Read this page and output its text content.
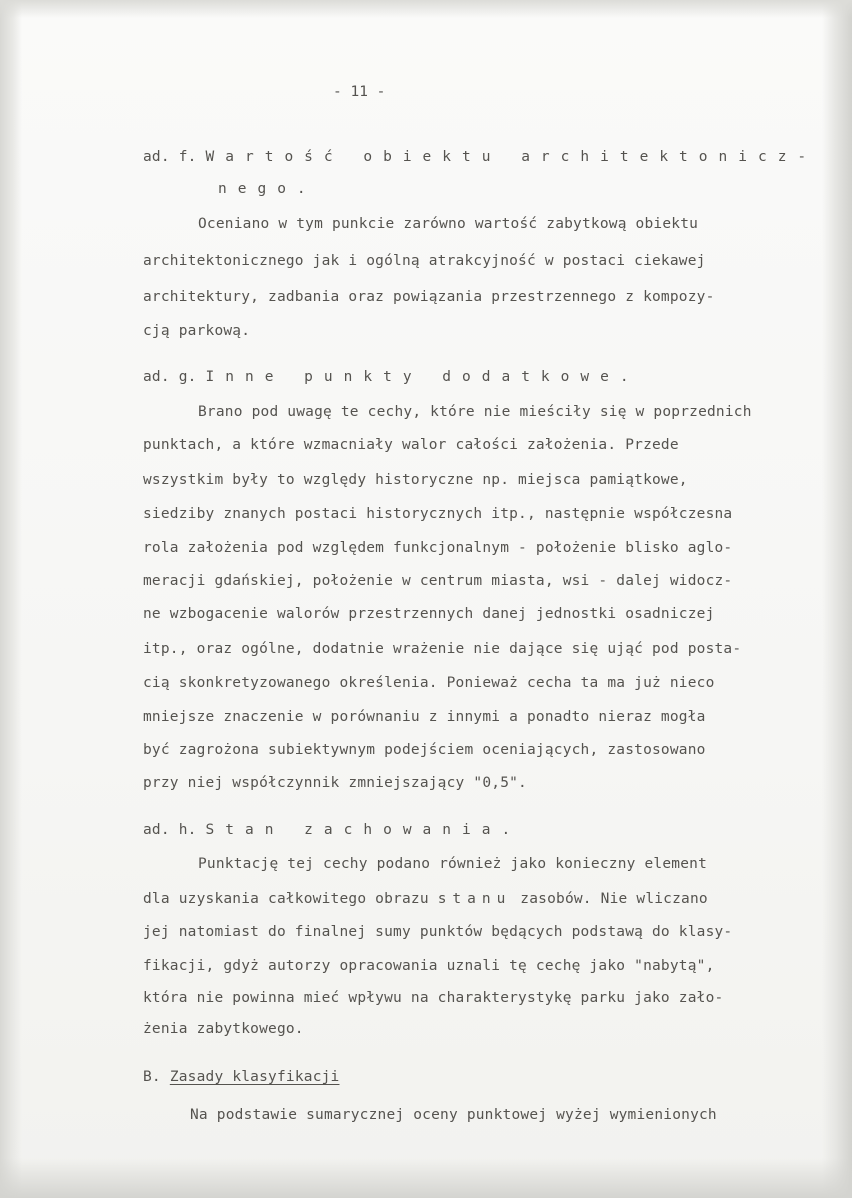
- 11 -

ad. f. Wartość obiektu architektonicz-

nego.

Oceniano w tym punkcie zarówno wartość zabytkową obiektu

architektonicznego jak i ogólną atrakcyjność w postaci ciekawej

architektury, zadbania oraz powiązania przestrzennego z kompozy-

cją parkową.

ad. g. Inne punkty dodatkowe.

Brano pod uwagę te cechy, które nie mieściły się w poprzednich

punktach, a które wzmacniały walor całości założenia. Przede

wszystkim były to względy historyczne np. miejsca pamiątkowe,

siedziby znanych postaci historycznych itp., następnie współczesna

rola założenia pod względem funkcjonalnym - położenie blisko aglo-

meracji gdańskiej, położenie w centrum miasta, wsi - dalej widocz-

ne wzbogacenie walorów przestrzennych danej jednostki osadniczej

itp., oraz ogólne, dodatnie wrażenie nie dające się ująć pod posta-

cią skonkretyzowanego określenia. Ponieważ cecha ta ma już nieco

mniejsze znaczenie w porównaniu z innymi a ponadto nieraz mogła

być zagrożona subiektywnym podejściem oceniających, zastosowano

przy niej współczynnik zmniejszający "0,5".

ad. h. Stan zachowania.

Punktację tej cechy podano również jako konieczny element

dla uzyskania całkowitego obrazu stanu zasobów. Nie wliczano

jej natomiast do finalnej sumy punktów będących podstawą do klasy-

fikacji, gdyż autorzy opracowania uznali tę cechę jako "nabytą",

która nie powinna mieć wpływu na charakterystykę parku jako zało-

żenia zabytkowego.

B. Zasady klasyfikacji

Na podstawie sumarycznej oceny punktowej wyżej wymienionych
